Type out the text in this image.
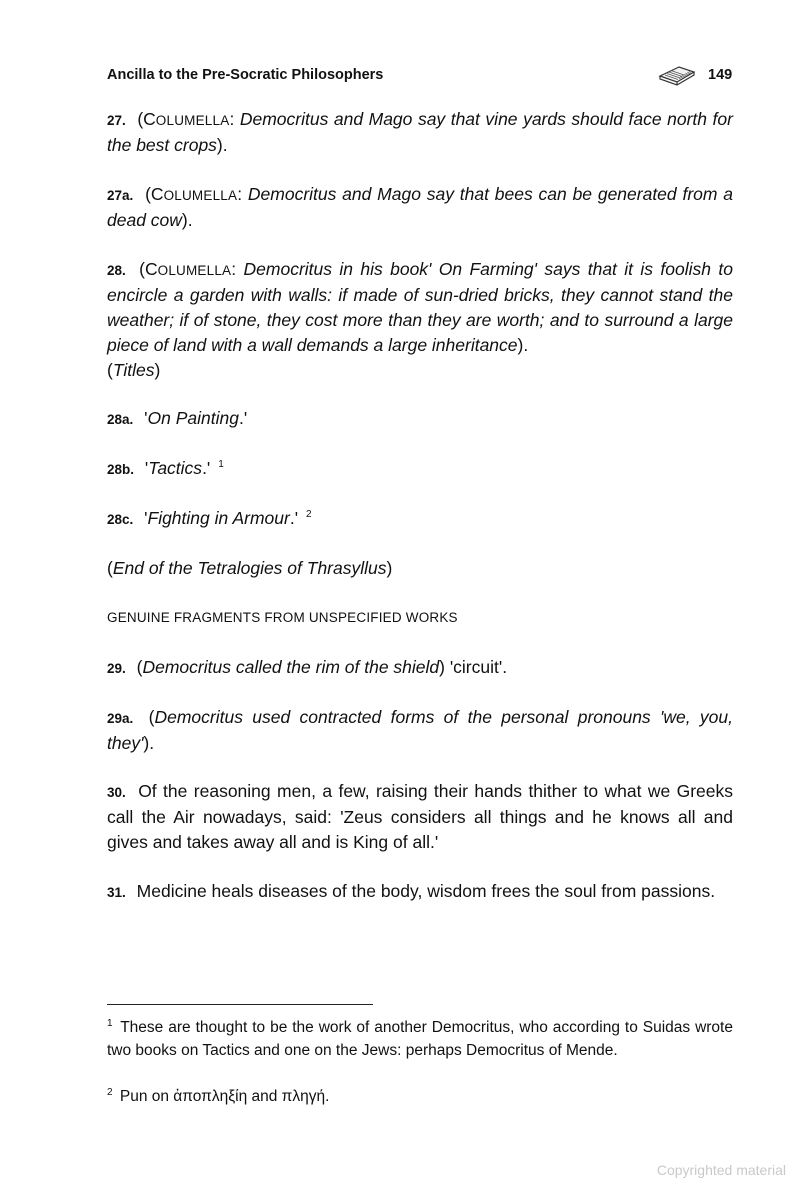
Ancilla to the Pre-Socratic Philosophers	149
27. (COLUMELLA: Democritus and Mago say that vine yards should face north for the best crops).
27a. (COLUMELLA: Democritus and Mago say that bees can be generated from a dead cow).
28. (COLUMELLA: Democritus in his book' On Farming' says that it is foolish to encircle a garden with walls: if made of sun-dried bricks, they cannot stand the weather; if of stone, they cost more than they are worth; and to surround a large piece of land with a wall demands a large inheritance).
(Titles)
28a. 'On Painting.'
28b. 'Tactics.' $^1$
28c. 'Fighting in Armour.' $^2$
(End of the Tetralogies of Thrasyllus)
GENUINE FRAGMENTS FROM UNSPECIFIED WORKS
29. (Democritus called the rim of the shield) 'circuit'.
29a. (Democritus used contracted forms of the personal pronouns 'we, you, they').
30. Of the reasoning men, a few, raising their hands thither to what we Greeks call the Air nowadays, said: 'Zeus considers all things and he knows all and gives and takes away all and is King of all.'
31. Medicine heals diseases of the body, wisdom frees the soul from passions.
$^1$ These are thought to be the work of another Democritus, who according to Suidas wrote two books on Tactics and one on the Jews: perhaps Democritus of Mende.
$^2$ Pun on ἀποπληξίη and πληγή.
Copyrighted material
